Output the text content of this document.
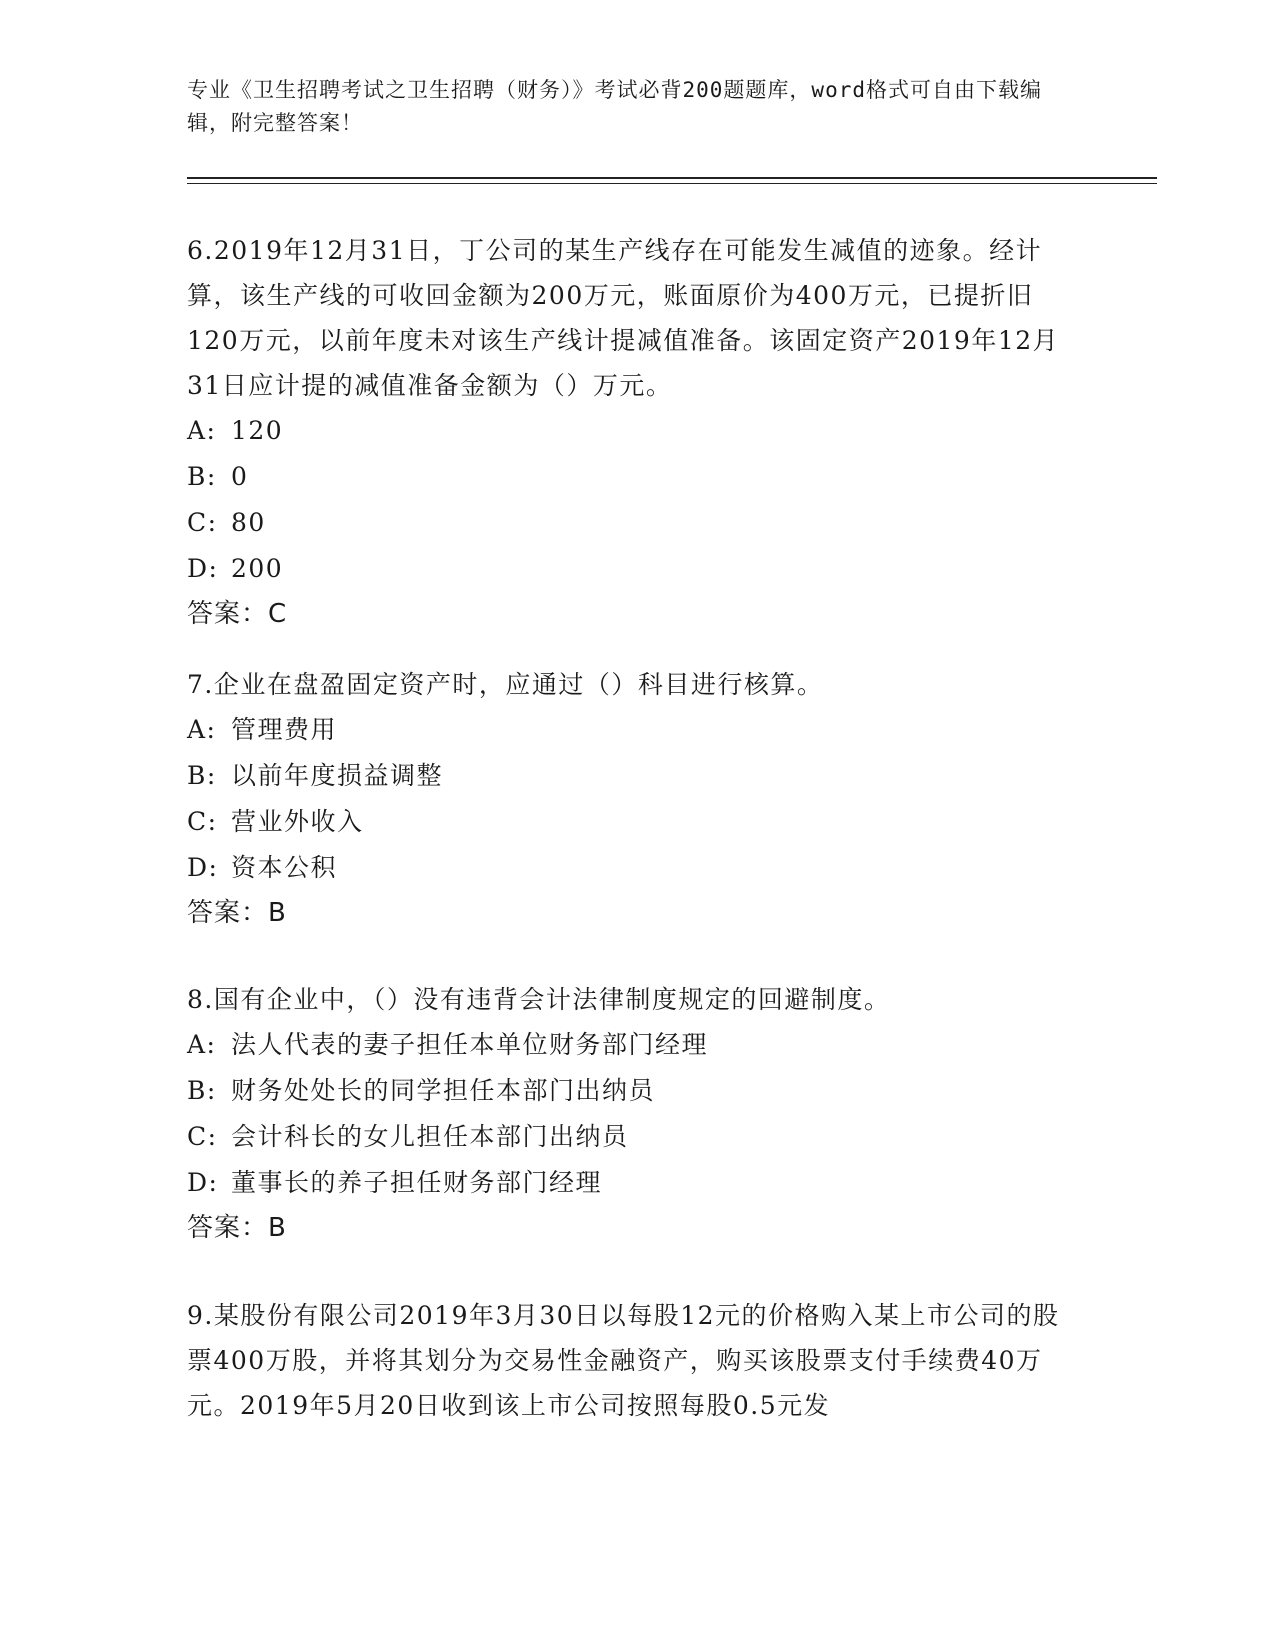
专业《卫生招聘考试之卫生招聘（财务）》考试必背200题题库，word格式可自由下载编辑，附完整答案！
6.2019年12月31日，丁公司的某生产线存在可能发生减值的迹象。经计算，该生产线的可收回金额为200万元，账面原价为400万元，已提折旧120万元，以前年度未对该生产线计提减值准备。该固定资产2019年12月31日应计提的减值准备金额为（）万元。
A: 120
B: 0
C: 80
D: 200
答案：C
7.企业在盘盈固定资产时，应通过（）科目进行核算。
A: 管理费用
B: 以前年度损益调整
C: 营业外收入
D: 资本公积
答案：B
8.国有企业中，（）没有违背会计法律制度规定的回避制度。
A: 法人代表的妻子担任本单位财务部门经理
B: 财务处处长的同学担任本部门出纳员
C: 会计科长的女儿担任本部门出纳员
D: 董事长的养子担任财务部门经理
答案：B
9.某股份有限公司2019年3月30日以每股12元的价格购入某上市公司的股票400万股，并将其划分为交易性金融资产，购买该股票支付手续费40万元。2019年5月20日收到该上市公司按照每股0.5元发
